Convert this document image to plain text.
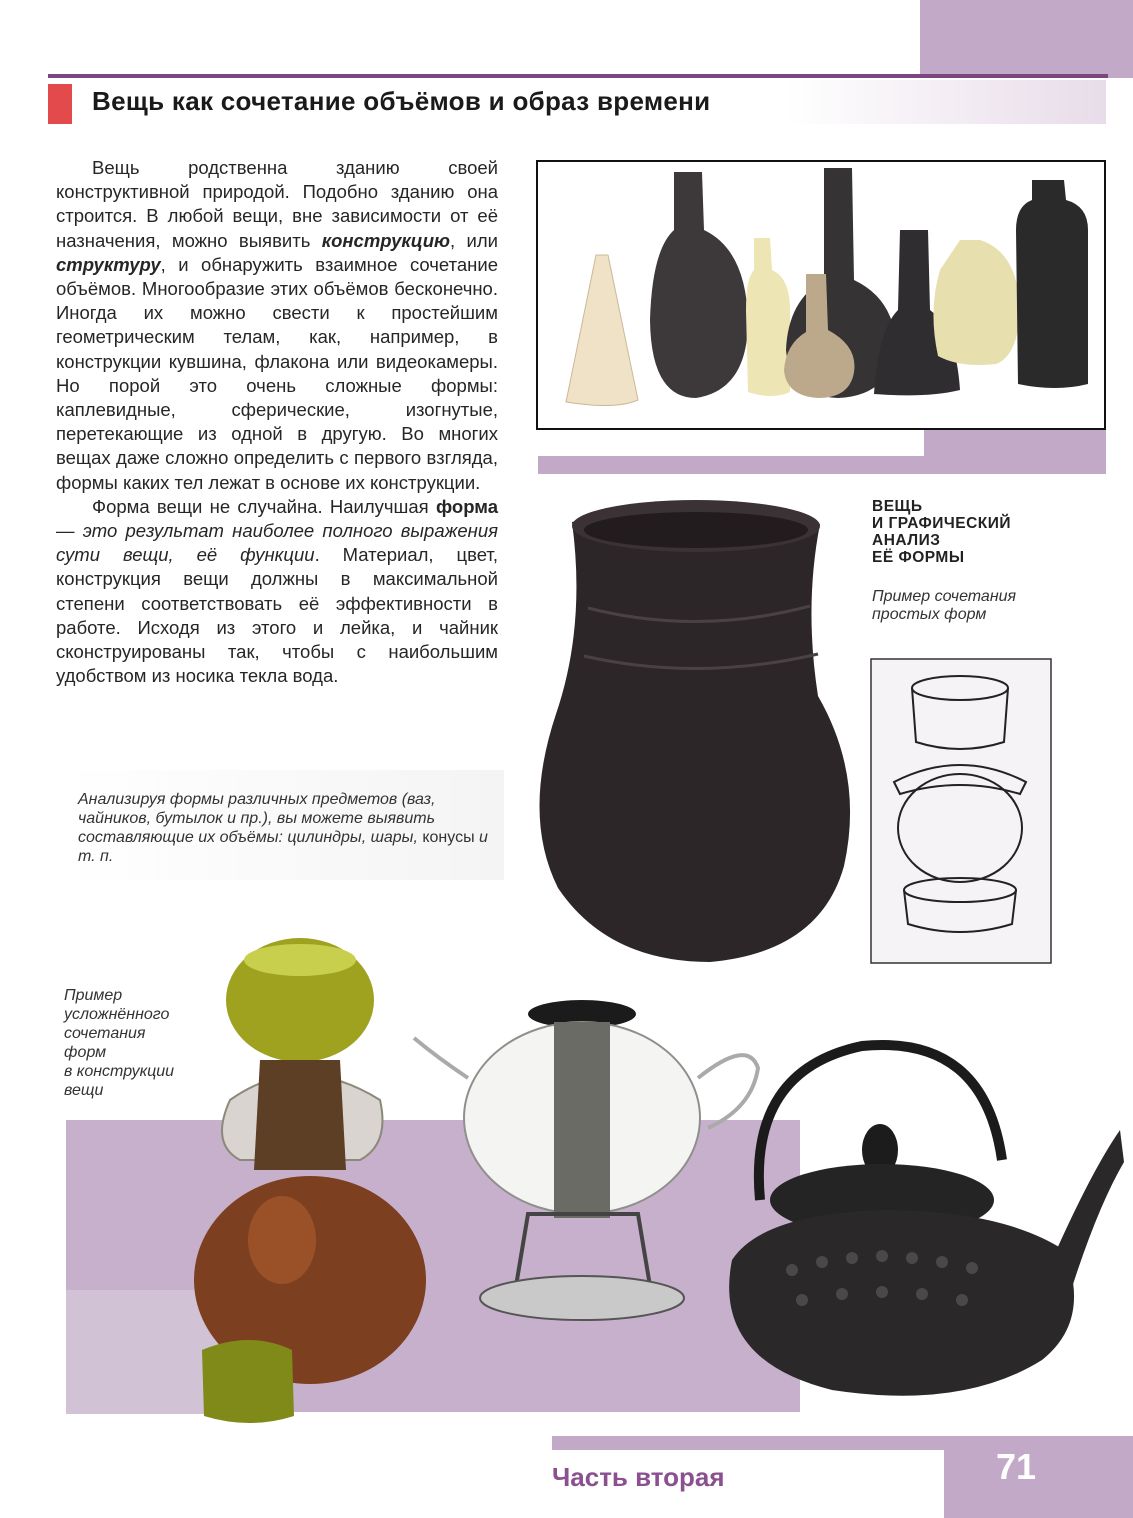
Вещь как сочетание объёмов и образ времени

Вещь родственна зданию своей конструктивной природой. Подобно зданию она строится. В любой вещи, вне зависимости от её назначения, можно выявить конструкцию, или структуру, и обнаружить взаимное сочетание объёмов. Многообразие этих объёмов бесконечно. Иногда их можно свести к простейшим геометрическим телам, как, например, в конструкции кувшина, флакона или видеокамеры. Но порой это очень сложные формы: каплевидные, сферические, изогнутые, перетекающие из одной в другую. Во многих вещах даже сложно определить с первого взгляда, формы каких тел лежат в основе их конструкции.

Форма вещи не случайна. Наилучшая форма — это результат наиболее полного выражения сути вещи, её функции. Материал, цвет, конструкция вещи должны в максимальной степени соответствовать её эффективности в работе. Исходя из этого и лейка, и чайник сконструированы так, чтобы с наибольшим удобством из носика текла вода.

Анализируя формы различных предметов (ваз, чайников, бутылок и пр.), вы можете выявить составляющие их объёмы: цилиндры, шары, конусы и т. п.
ВЕЩЬ
И ГРАФИЧЕСКИЙ
АНАЛИЗ
ЕЁ ФОРМЫ
Пример сочетания
простых форм
Пример
усложнённого
сочетания
форм
в конструкции
вещи
Часть вторая	71
